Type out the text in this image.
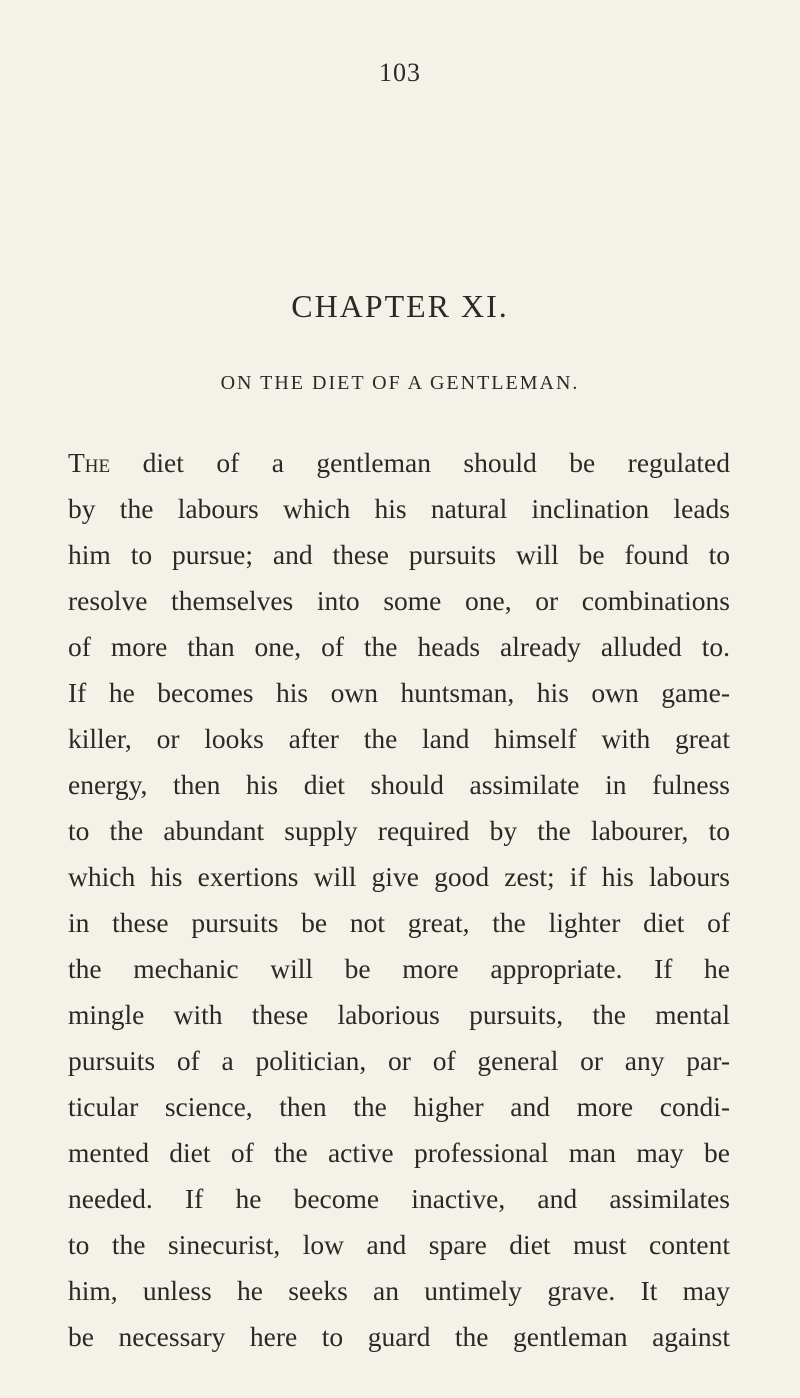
103
CHAPTER XI.
ON THE DIET OF A GENTLEMAN.
The diet of a gentleman should be regulated
by the labours which his natural inclination leads
him to pursue; and these pursuits will be found to
resolve themselves into some one, or combinations
of more than one, of the heads already alluded to.
If he becomes his own huntsman, his own game-
killer, or looks after the land himself with great
energy, then his diet should assimilate in fulness
to the abundant supply required by the labourer, to
which his exertions will give good zest; if his labours
in these pursuits be not great, the lighter diet of
the mechanic will be more appropriate. If he
mingle with these laborious pursuits, the mental
pursuits of a politician, or of general or any par-
ticular science, then the higher and more condi-
mented diet of the active professional man may be
needed. If he become inactive, and assimilates
to the sinecurist, low and spare diet must content
him, unless he seeks an untimely grave. It may
be necessary here to guard the gentleman against
